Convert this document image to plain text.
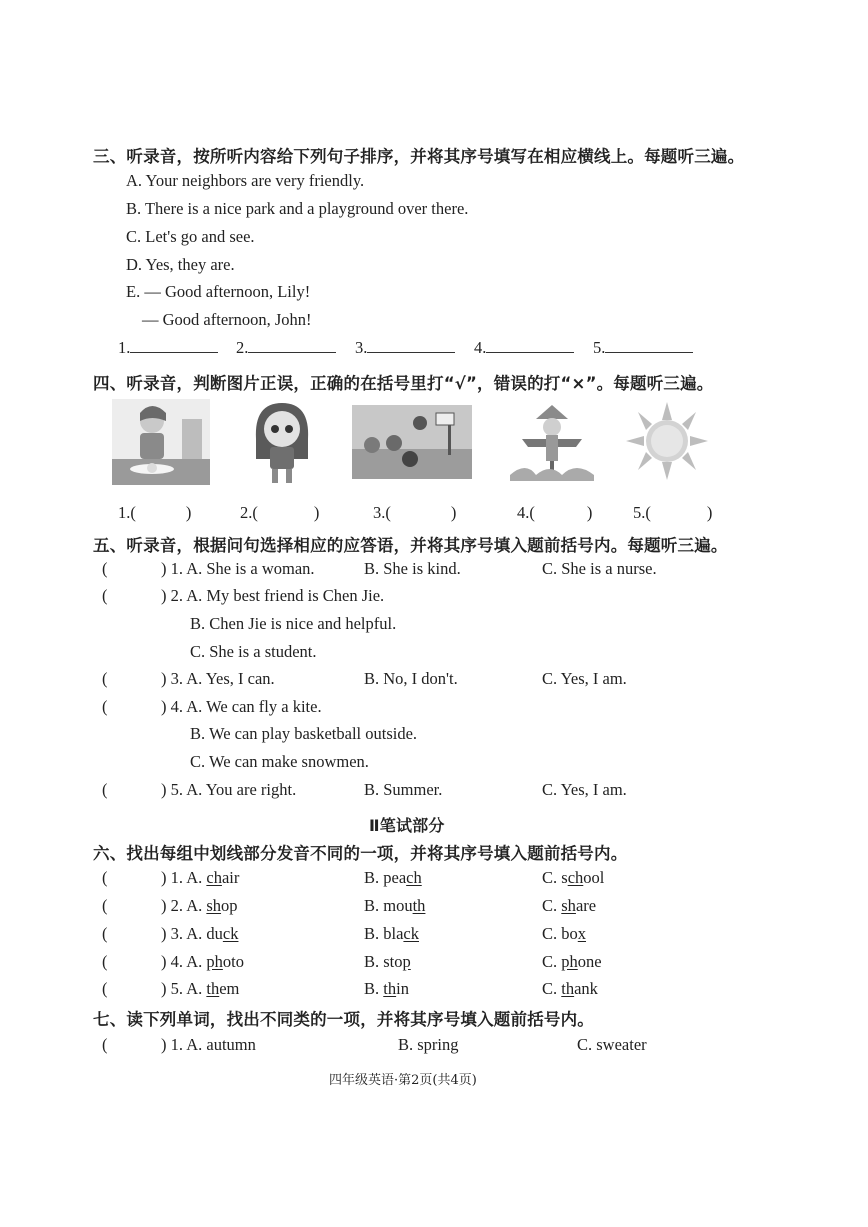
三、听录音，按所听内容给下列句子排序，并将其序号填写在相应横线上。每题听三遍。
A. Your neighbors are very friendly.
B. There is a nice park and a playground over there.
C. Let's go and see.
D. Yes, they are.
E. — Good afternoon, Lily!
— Good afternoon, John!
1.	2.	3.	4.	5.
四、听录音，判断图片正误，正确的在括号里打“√”，错误的打“×”。每题听三遍。
1.(	)	2.(	)	3.(	)	4.(	) 5.(	)
五、听录音，根据问句选择相应的应答语，并将其序号填入题前括号内。每题听三遍。
(	) 1. A. She is a woman.	B. She is kind.	C. She is a nurse.
(	) 2. A. My best friend is Chen Jie.
B. Chen Jie is nice and helpful.
C. She is a student.
(	) 3. A. Yes, I can.	B. No, I don't.	C. Yes, I am.
(	) 4. A. We can fly a kite.
B. We can play basketball outside.
C. We can make snowmen.
(	) 5. A. You are right.	B. Summer.	C. Yes, I am.
Ⅱ笔试部分
六、找出每组中划线部分发音不同的一项，并将其序号填入题前括号内。
(	) 1. A. chair	B. peach	C. school
(	) 2. A. shop	B. mouth	C. share
(	) 3. A. duck	B. black	C. box
(	) 4. A. photo	B. stop	C. phone
(	) 5. A. them	B. thin	C. thank
七、读下列单词，找出不同类的一项，并将其序号填入题前括号内。
(	) 1. A. autumn	B. spring	C. sweater
四年级英语·第2页(共4页)
